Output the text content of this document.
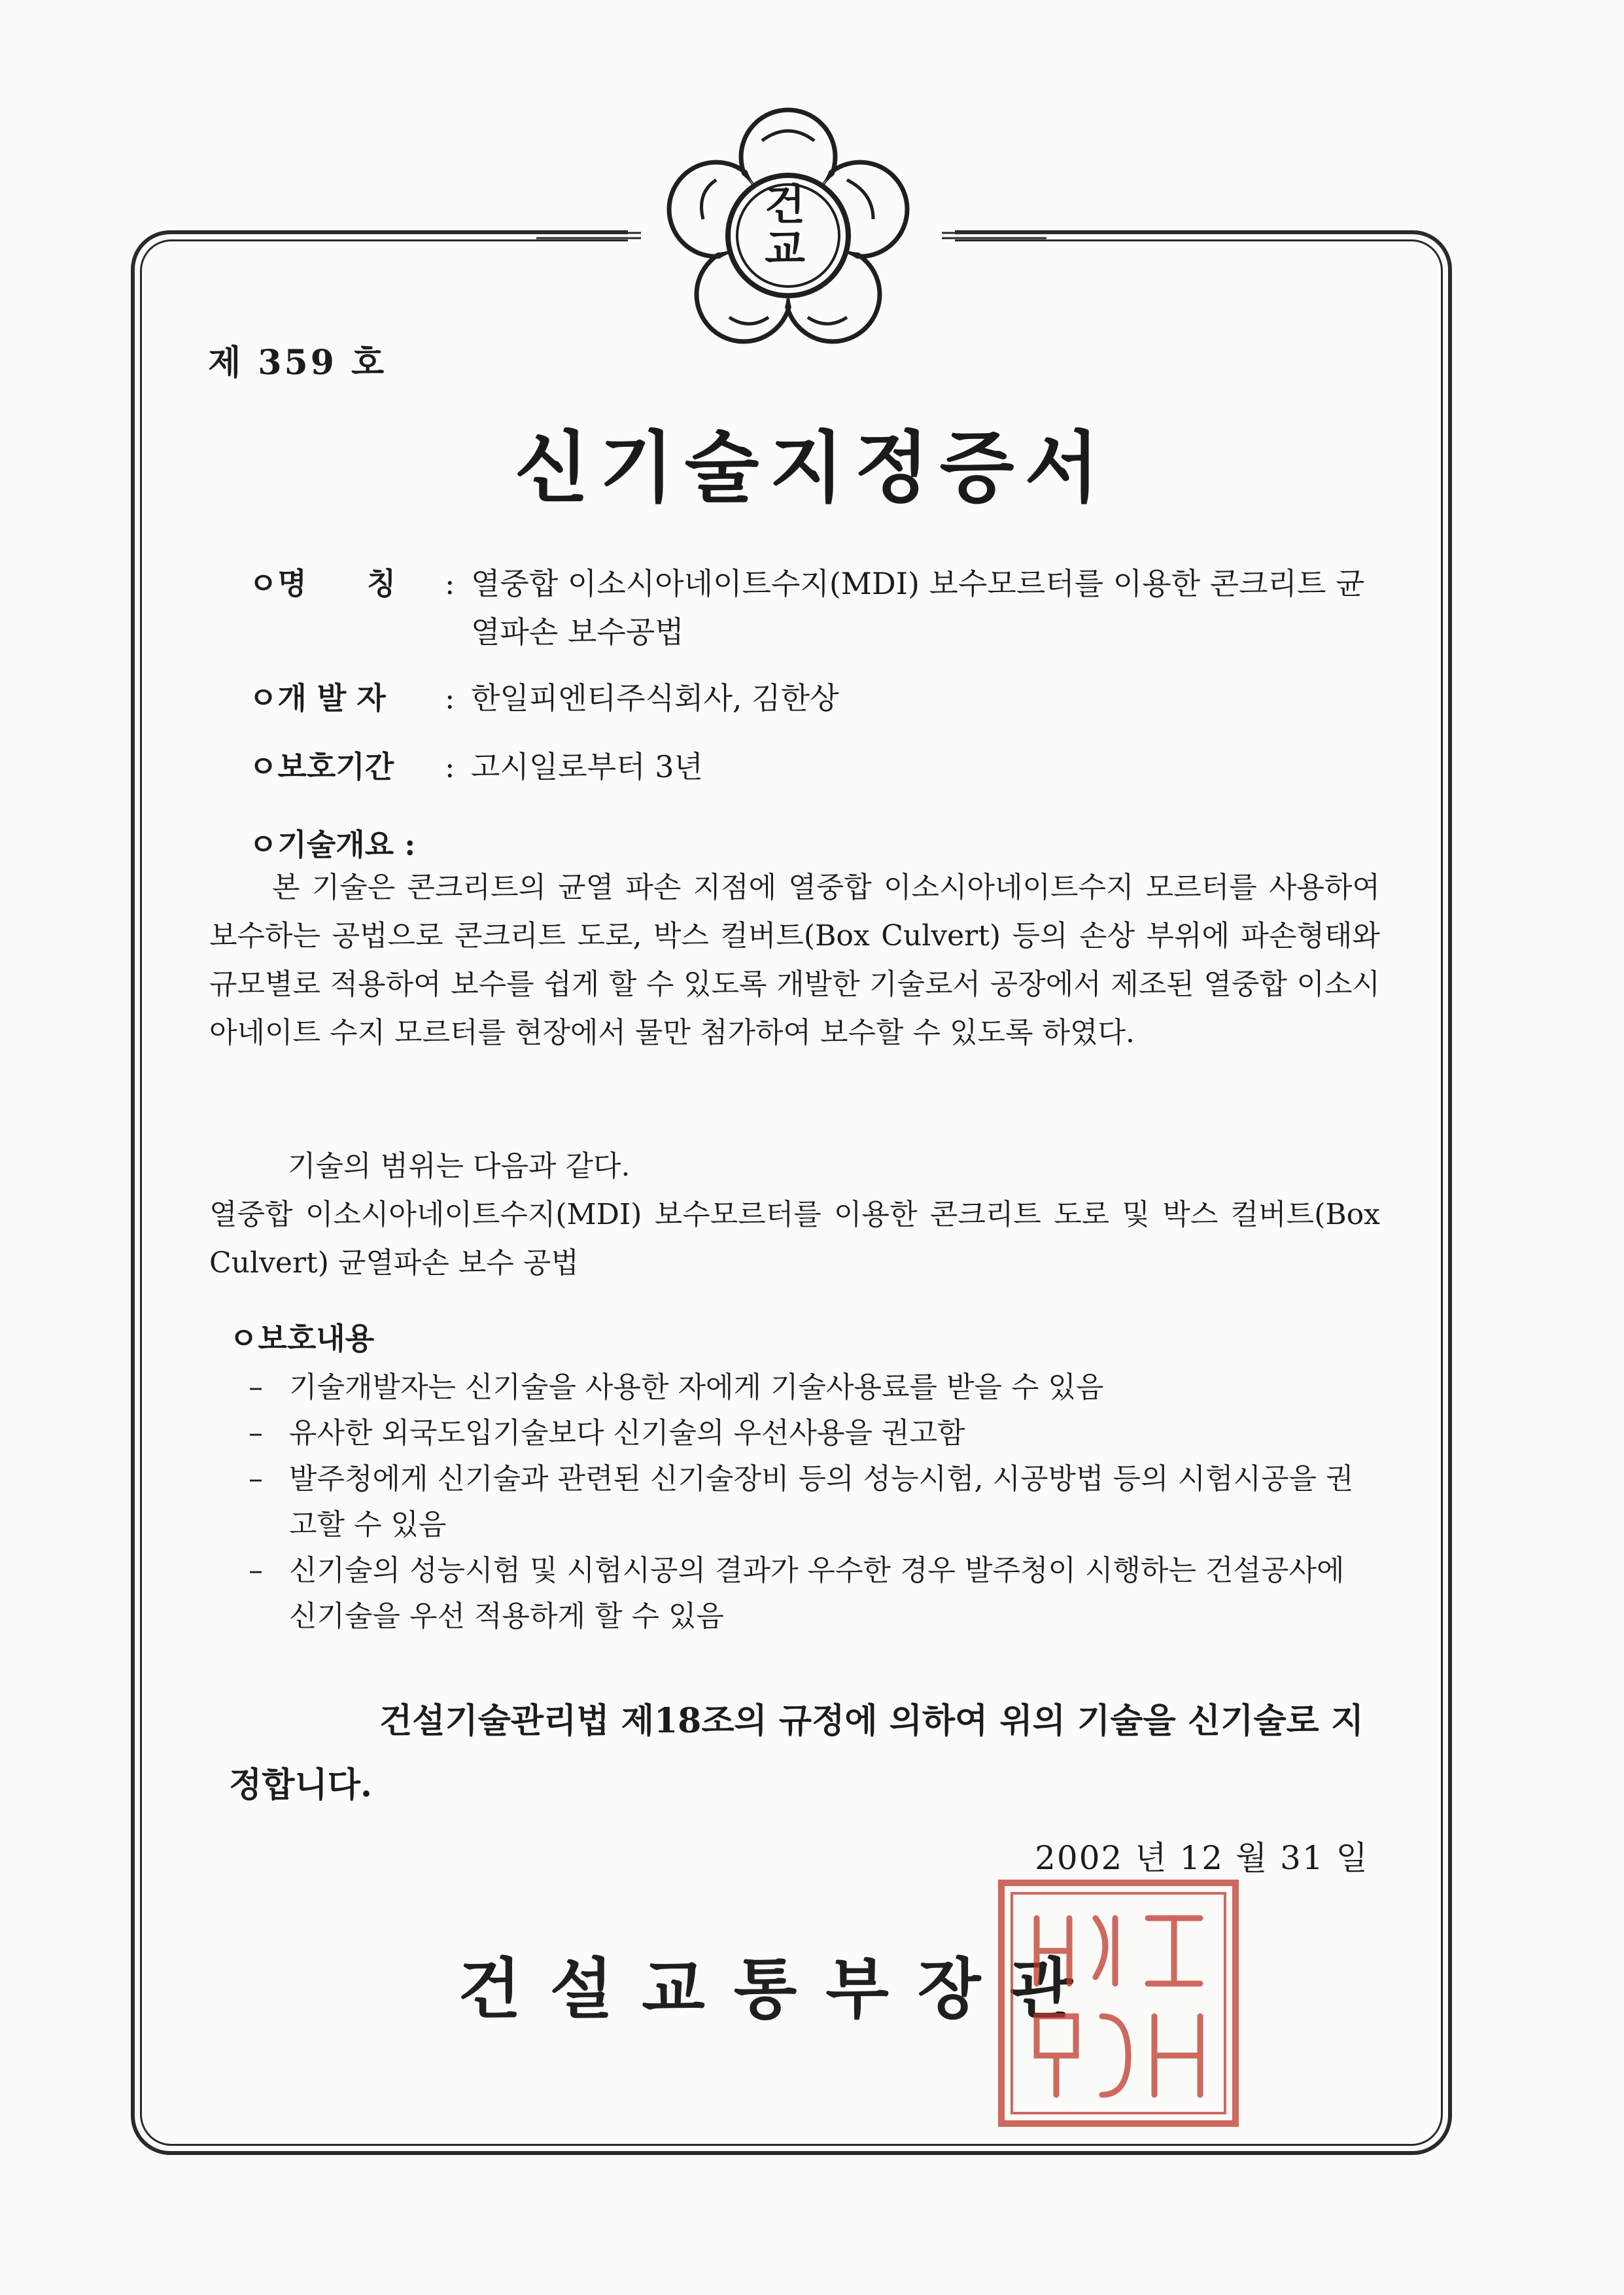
건
교

제 359 호

신기술지정증서
ㅇ명　　칭	: 열중합 이소시아네이트수지(MDI) 보수모르터를 이용한 콘크리트 균열파손 보수공법
ㅇ개 발 자	: 한일피엔티주식회사, 김한상
ㅇ보호기간	: 고시일로부터 3년

ㅇ기술개요 :

본 기술은 콘크리트의 균열 파손 지점에 열중합 이소시아네이트수지 모르터를 사용하여 보수하는 공법으로 콘크리트 도로, 박스 컬버트(Box Culvert) 등의 손상 부위에 파손형태와 규모별로 적용하여 보수를 쉽게 할 수 있도록 개발한 기술로서 공장에서 제조된 열중합 이소시아네이트 수지 모르터를 현장에서 물만 첨가하여 보수할 수 있도록 하였다.

기술의 범위는 다음과 같다.

열중합 이소시아네이트수지(MDI) 보수모르터를 이용한 콘크리트 도로 및 박스 컬버트(Box Culvert) 균열파손 보수 공법

ㅇ보호내용

– 기술개발자는 신기술을 사용한 자에게 기술사용료를 받을 수 있음
– 유사한 외국도입기술보다 신기술의 우선사용을 권고함
– 발주청에게 신기술과 관련된 신기술장비 등의 성능시험, 시공방법 등의 시험시공을 권고할 수 있음
– 신기술의 성능시험 및 시험시공의 결과가 우수한 경우 발주청이 시행하는 건설공사에 신기술을 우선 적용하게 할 수 있음

건설기술관리법 제18조의 규정에 의하여 위의 기술을 신기술로 지정합니다.

2002 년 12 월 31 일

건설교통부장관
